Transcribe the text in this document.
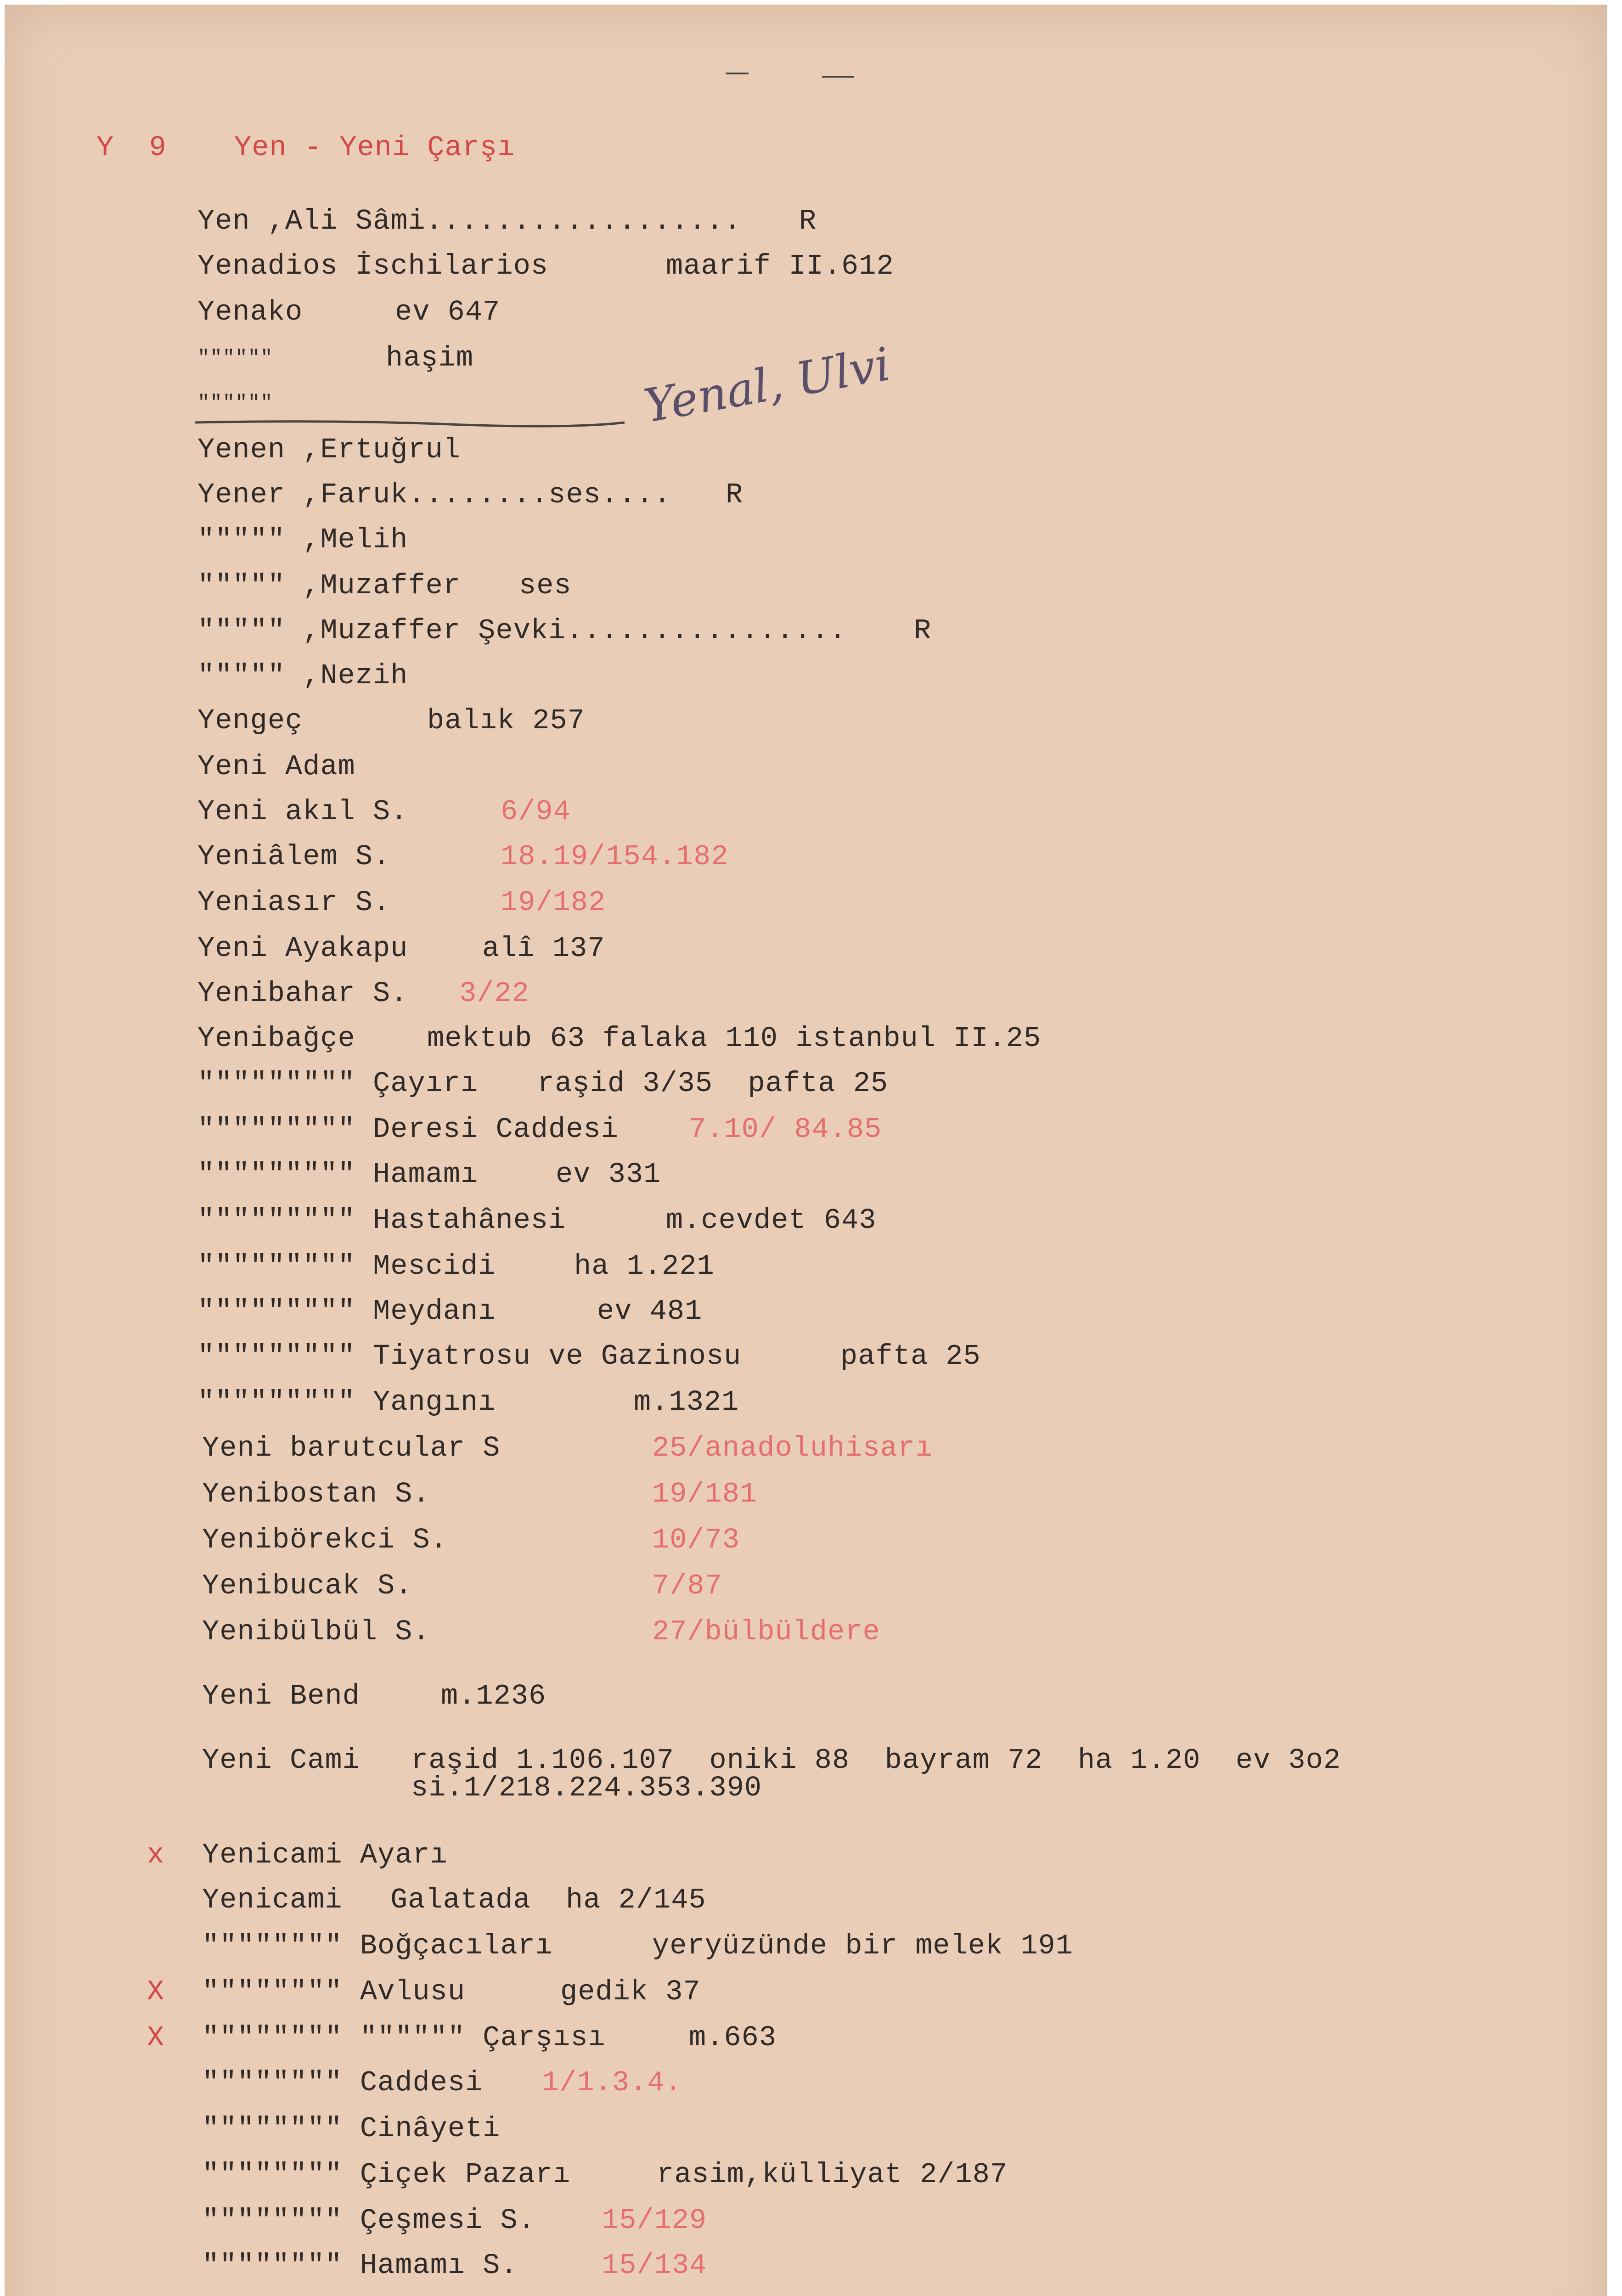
Y  9 Yen - Yeni Çarşı
Yen ,Ali Sâmi.................. R
Yenadios İschilarios	maarif II.612
Yenako	ev 647
""""""	haşim
""""""	Yenal, Ulvi
Yenen ,Ertuğrul
Yener ,Faruk........ses.... R
""""" ,Melih
""""" ,Muzaffer ses
""""" ,Muzaffer Şevki................ R
""""" ,Nezih
Yengeç	balık 257
Yeni Adam
Yeni akıl S.	6/94
Yeniâlem S.	18.19/154.182
Yeniasır S.	19/182
Yeni Ayakapu	alî 137
Yenibahar S. 3/22
Yenibağçe	mektub 63 falaka 110 istanbul II.25
""""""""" Çayırı raşid 3/35  pafta 25
""""""""" Deresi Caddesi 7.10/ 84.85
""""""""" Hamamı	ev 331
""""""""" Hastahânesi	m.cevdet 643
""""""""" Mescidi	ha 1.221
""""""""" Meydanı	ev 481
""""""""" Tiyatrosu ve Gazinosu	pafta 25
""""""""" Yangını	m.1321
Yeni barutcular S	25/anadoluhisarı
Yenibostan S.	19/181
Yenibörekci S.	10/73
Yenibucak S.	7/87
Yenibülbül S.	27/bülbüldere
Yeni Bend	m.1236
Yeni Cami raşid 1.106.107  oniki 88  bayram 72  ha 1.20  ev 3o2
si.1/218.224.353.390
x Yenicami Ayarı
Yenicami Galatada  ha 2/145
"""""""" Boğçacıları	yeryüzünde bir melek 191
X """""""" Avlusu	gedik 37
X """""""" """""" Çarşısı	m.663
"""""""" Caddesi 1/1.3.4.
"""""""" Cinâyeti
"""""""" Çiçek Pazarı	rasim,külliyat 2/187
"""""""" Çeşmesi S. 15/129
"""""""" Hamamı S.	15/134
